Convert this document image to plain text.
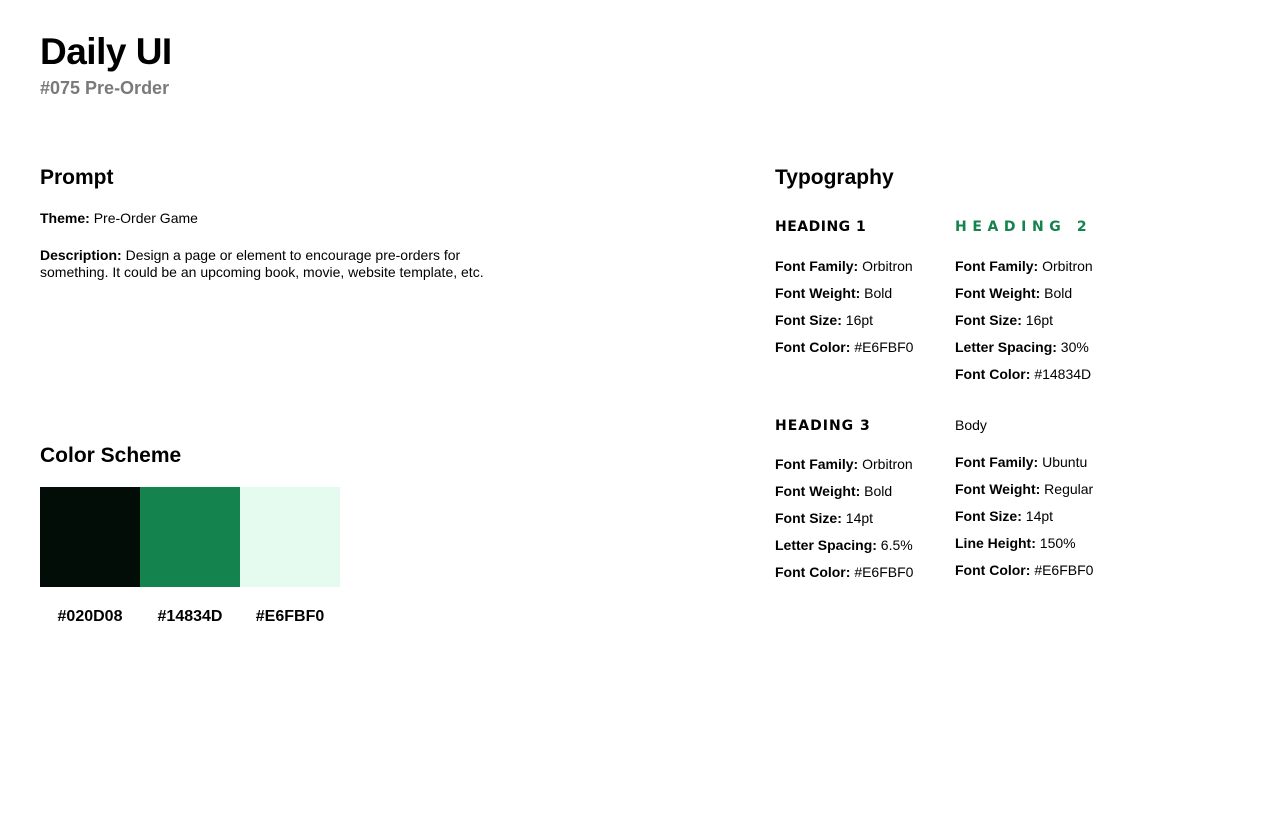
Daily UI
#075 Pre-Order
Prompt

Theme: Pre-Order Game

Description: Design a page or element to encourage pre-orders for something. It could be an upcoming book, movie, website template, etc.

Color Scheme
#020D08	#14834D	#E6FBF0
Typography
HEADING 1
Font Family: Orbitron
Font Weight: Bold
Font Size: 16pt
Font Color: #E6FBF0
HEADING 2
Font Family: Orbitron
Font Weight: Bold
Font Size: 16pt
Letter Spacing: 30%
Font Color: #14834D
HEADING 3
Font Family: Orbitron
Font Weight: Bold
Font Size: 14pt
Letter Spacing: 6.5%
Font Color: #E6FBF0
Body
Font Family: Ubuntu
Font Weight: Regular
Font Size: 14pt
Line Height: 150%
Font Color: #E6FBF0
